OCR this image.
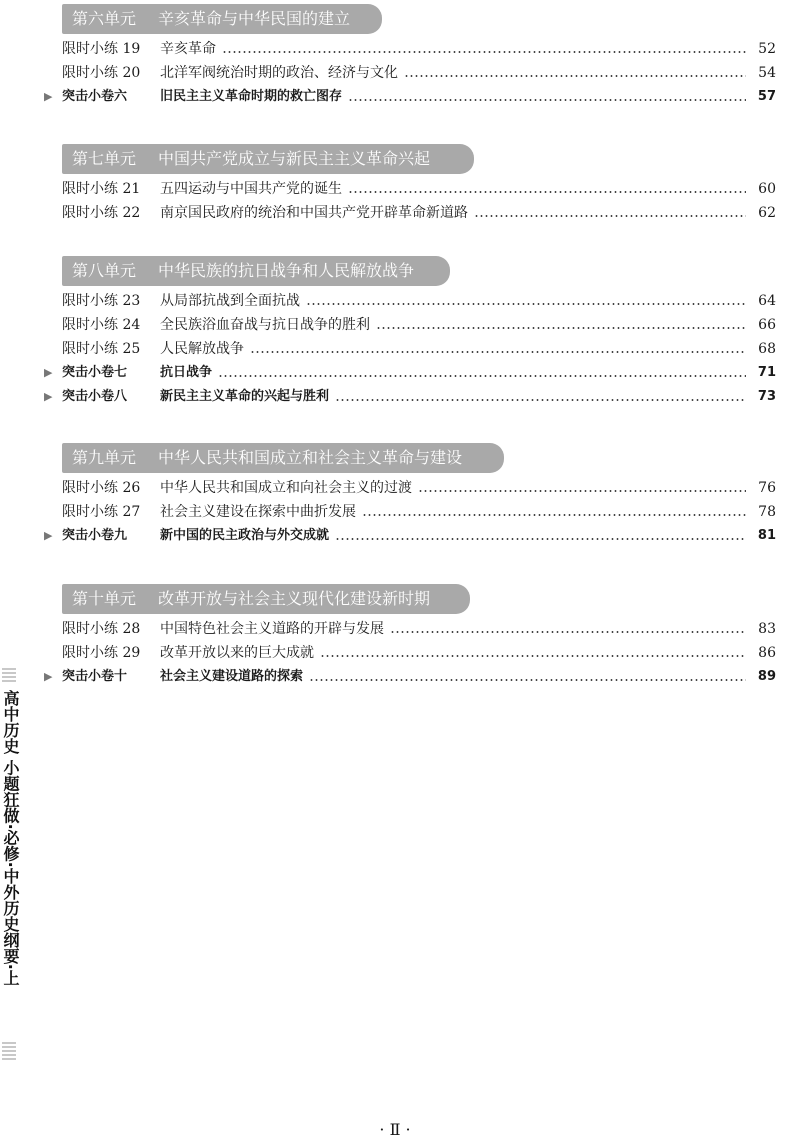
第六单元 辛亥革命与中华民国的建立
限时小练 19	辛亥革命	52
限时小练 20	北洋军阀统治时期的政治、经济与文化	54
▶ 突击小卷六	旧民主主义革命时期的救亡图存	57
第七单元 中国共产党成立与新民主主义革命兴起
限时小练 21	五四运动与中国共产党的诞生	60
限时小练 22	南京国民政府的统治和中国共产党开辟革命新道路	62
第八单元 中华民族的抗日战争和人民解放战争
限时小练 23	从局部抗战到全面抗战	64
限时小练 24	全民族浴血奋战与抗日战争的胜利	66
限时小练 25	人民解放战争	68
▶ 突击小卷七	抗日战争	71
▶ 突击小卷八	新民主主义革命的兴起与胜利	73
第九单元 中华人民共和国成立和社会主义革命与建设
限时小练 26	中华人民共和国成立和向社会主义的过渡	76
限时小练 27	社会主义建设在探索中曲折发展	78
▶ 突击小卷九	新中国的民主政治与外交成就	81
第十单元 改革开放与社会主义现代化建设新时期
限时小练 28	中国特色社会主义道路的开辟与发展	83
限时小练 29	改革开放以来的巨大成就	86
▶ 突击小卷十	社会主义建设道路的探索	89
高中历史 小题狂做·必修·中外历史纲要·上
· Ⅱ ·
